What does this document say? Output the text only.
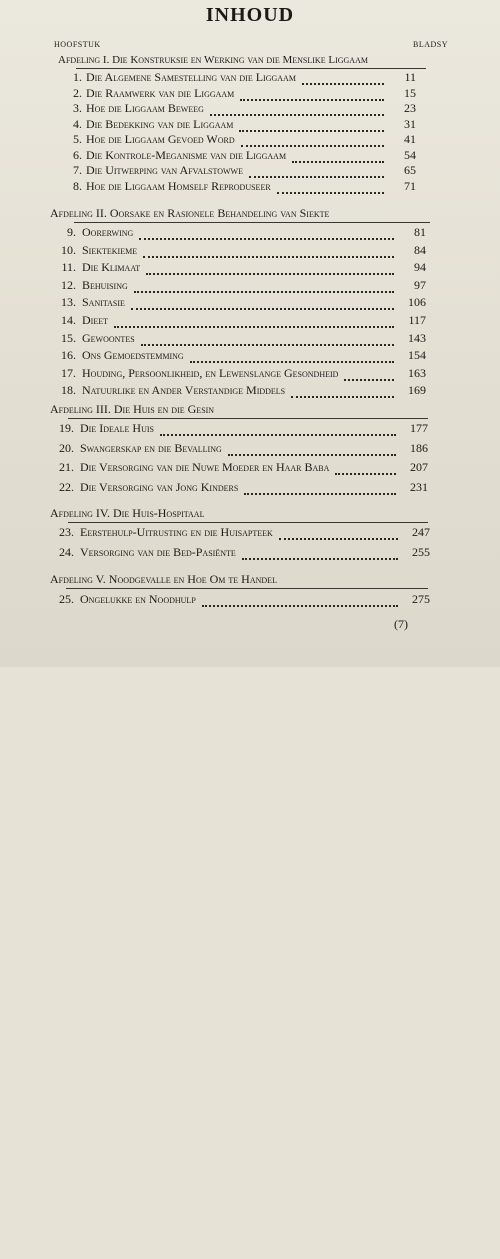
INHOUD
HOOFSTUK	BLADSY
Afdeling I. Die Konstruksie en Werking van die Menslike Liggaam
1. Die Algemene Samestelling van die Liggaam	11
2. Die Raamwerk van die Liggaam	15
3. Hoe die Liggaam Beweeg	23
4. Die Bedekking van die Liggaam	31
5. Hoe die Liggaam Gevoed Word	41
6. Die Kontrole-Meganisme van die Liggaam	54
7. Die Uitwerping van Afvalstowwe	65
8. Hoe die Liggaam Homself Reproduseer	71
9. Oorerwing	81
10. Siektekieme	84
11. Die Klimaat	94
12. Behuising	97
13. Sanitasie	106
14. Dieet	117
15. Gewoontes	143
16. Ons Gemoedstemming	154
17. Houding, Persoonlikheid, en Lewenslange Gesondheid	163
18. Natuurlike en Ander Verstandige Middels	169
19. Die Ideale Huis	177
20. Swangerskap en die Bevalling	186
21. Die Versorging van die Nuwe Moeder en Haar Baba	207
22. Die Versorging van Jong Kinders	231
23. Eerstehulp-Uitrusting en die Huisapteek	247
24. Versorging van die Bed-Pasiënte	255
25. Ongelukke en Noodhulp	275
Afdeling II. Oorsake en Rasionele Behandeling van Siekte
Afdeling III. Die Huis en die Gesin
Afdeling IV. Die Huis-Hospitaal
Afdeling V. Noodgevalle en Hoe Om te Handel
(7)
